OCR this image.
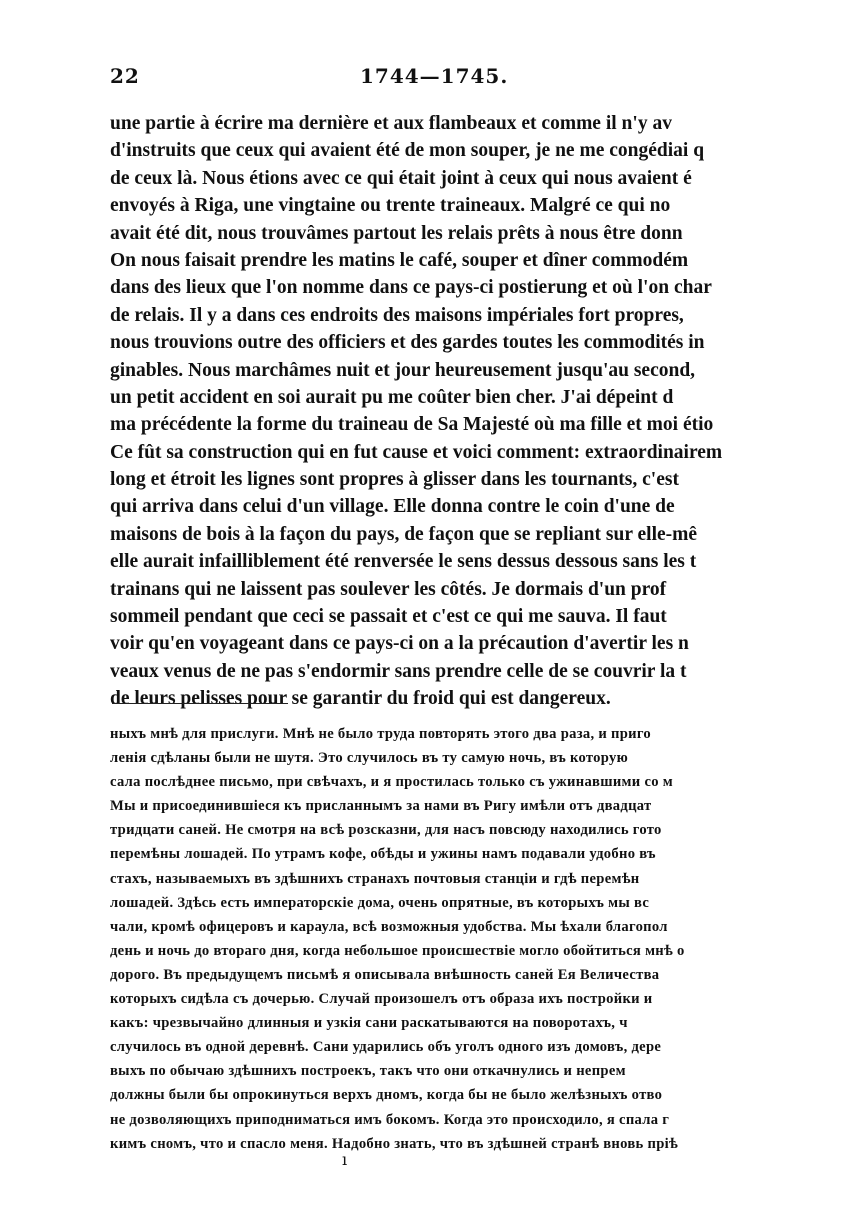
22	1744—1745.
une partie à écrire ma dernière et aux flambeaux et comme il n'y av
d'instruits que ceux qui avaient été de mon souper, je ne me congédiai q
de ceux là. Nous étions avec ce qui était joint à ceux qui nous avaient é
envoyés à Riga, une vingtaine ou trente traineaux. Malgré ce qui no
avait été dit, nous trouvâmes partout les relais prêts à nous être donn
On nous faisait prendre les matins le café, souper et dîner commodém
dans des lieux que l'on nomme dans ce pays-ci postierung et où l'on char
de relais. Il y a dans ces endroits des maisons impériales fort propres,
nous trouvions outre des officiers et des gardes toutes les commodités in
ginables. Nous marchâmes nuit et jour heureusement jusqu'au second,
un petit accident en soi aurait pu me coûter bien cher. J'ai dépeint d
ma précédente la forme du traineau de Sa Majesté où ma fille et moi étio
Ce fût sa construction qui en fut cause et voici comment: extraordinairem
long et étroit les lignes sont propres à glisser dans les tournants, c'est
qui arriva dans celui d'un village. Elle donna contre le coin d'une de
maisons de bois à la façon du pays, de façon que se repliant sur elle-mê
elle aurait infailliblement été renversée le sens dessus dessous sans les t
trainans qui ne laissent pas soulever les côtés. Je dormais d'un prof
sommeil pendant que ceci se passait et c'est ce qui me sauva. Il faut
voir qu'en voyageant dans ce pays-ci on a la précaution d'avertir les n
veaux venus de ne pas s'endormir sans prendre celle de se couvrir la t
de leurs pelisses pour se garantir du froid qui est dangereux.
ныхъ мнѣ для прислуги. Мнѣ не было труда повторять этого два раза, и приго
ленія сдѣланы были не шутя. Это случилось въ ту самую ночь, въ которую
сала послѣднее письмо, при свѣчахъ, и я простилась только съ ужинавшими со м
Мы и присоединившіеся къ присланнымъ за нами въ Ригу имѣли отъ двадцат
тридцати саней. Не смотря на всѣ розсказни, для насъ повсюду находились гото
перемѣны лошадей. По утрамъ кофе, обѣды и ужины намъ подавали удобно въ
стахъ, называемыхъ въ здѣшнихъ странахъ почтовыя станціи и гдѣ перемѣн
лошадей. Здѣсь есть императорскіе дома, очень опрятные, въ которыхъ мы вс
чали, кромѣ офицеровъ и караула, всѣ возможныя удобства. Мы ѣхали благопол
день и ночь до втораго дня, когда небольшое происшествіе могло обойтиться мнѣ о
дорого. Въ предыдущемъ письмѣ я описывала внѣшность саней Ея Величества
которыхъ сидѣла съ дочерью. Случай произошелъ отъ образа ихъ постройки и
какъ: чрезвычайно длинныя и узкія сани раскатываются на поворотахъ, ч
случилось въ одной деревнѣ. Сани ударились объ уголъ одного изъ домовъ, дере
выхъ по обычаю здѣшнихъ построекъ, такъ что они откачнулись и непрем
должны были бы опрокинуться верхъ дномъ, когда бы не было желѣзныхъ отво
не дозволяющихъ приподниматься имъ бокомъ. Когда это происходило, я спала г
кимъ сномъ, что и спасло меня. Надобно знать, что въ здѣшней странѣ вновь пріѣ
ı
